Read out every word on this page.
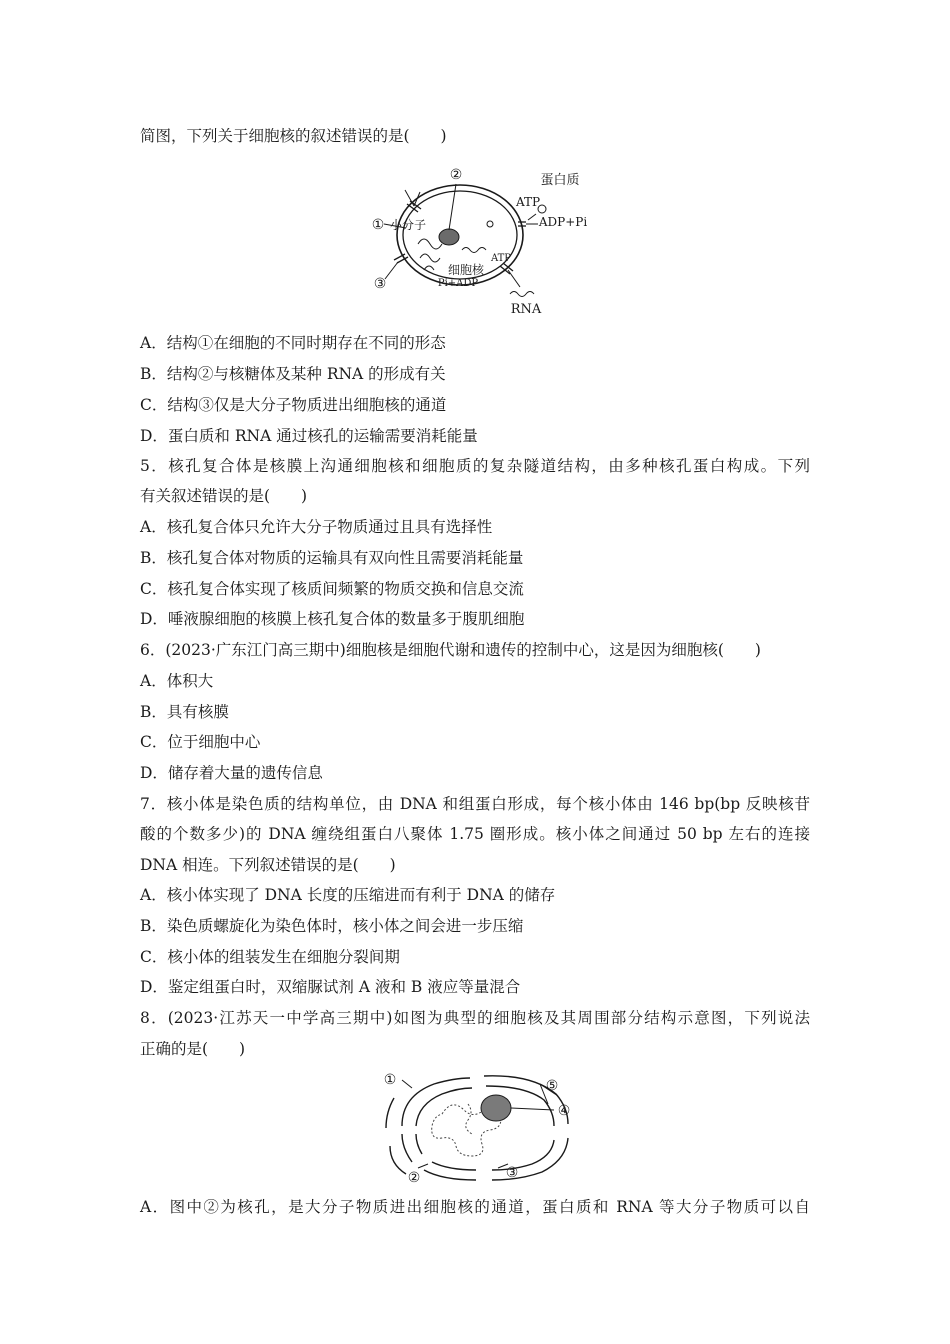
简图，下列关于细胞核的叙述错误的是(　　)
②
①
③
蛋白质
ATP
ADP+Pi
小分子
细胞核
ATP
Pi+ADP
RNA
A．结构①在细胞的不同时期存在不同的形态
B．结构②与核糖体及某种 RNA 的形成有关
C．结构③仅是大分子物质进出细胞核的通道
D．蛋白质和 RNA 通过核孔的运输需要消耗能量
5．核孔复合体是核膜上沟通细胞核和细胞质的复杂隧道结构，由多种核孔蛋白构成。下列
有关叙述错误的是(　　)
A．核孔复合体只允许大分子物质通过且具有选择性
B．核孔复合体对物质的运输具有双向性且需要消耗能量
C．核孔复合体实现了核质间频繁的物质交换和信息交流
D．唾液腺细胞的核膜上核孔复合体的数量多于腹肌细胞
6．(2023·广东江门高三期中)细胞核是细胞代谢和遗传的控制中心，这是因为细胞核(　　)
A．体积大
B．具有核膜
C．位于细胞中心
D．储存着大量的遗传信息
7．核小体是染色质的结构单位，由 DNA 和组蛋白形成，每个核小体由 146 bp(bp 反映核苷
酸的个数多少)的 DNA 缠绕组蛋白八聚体 1.75 圈形成。核小体之间通过 50 bp 左右的连接
DNA 相连。下列叙述错误的是(　　)
A．核小体实现了 DNA 长度的压缩进而有利于 DNA 的储存
B．染色质螺旋化为染色体时，核小体之间会进一步压缩
C．核小体的组装发生在细胞分裂间期
D．鉴定组蛋白时，双缩脲试剂 A 液和 B 液应等量混合
8．(2023·江苏天一中学高三期中)如图为典型的细胞核及其周围部分结构示意图，下列说法
正确的是(　　)
①	⑤
④
③
②
A．图中②为核孔，是大分子物质进出细胞核的通道，蛋白质和 RNA 等大分子物质可以自
